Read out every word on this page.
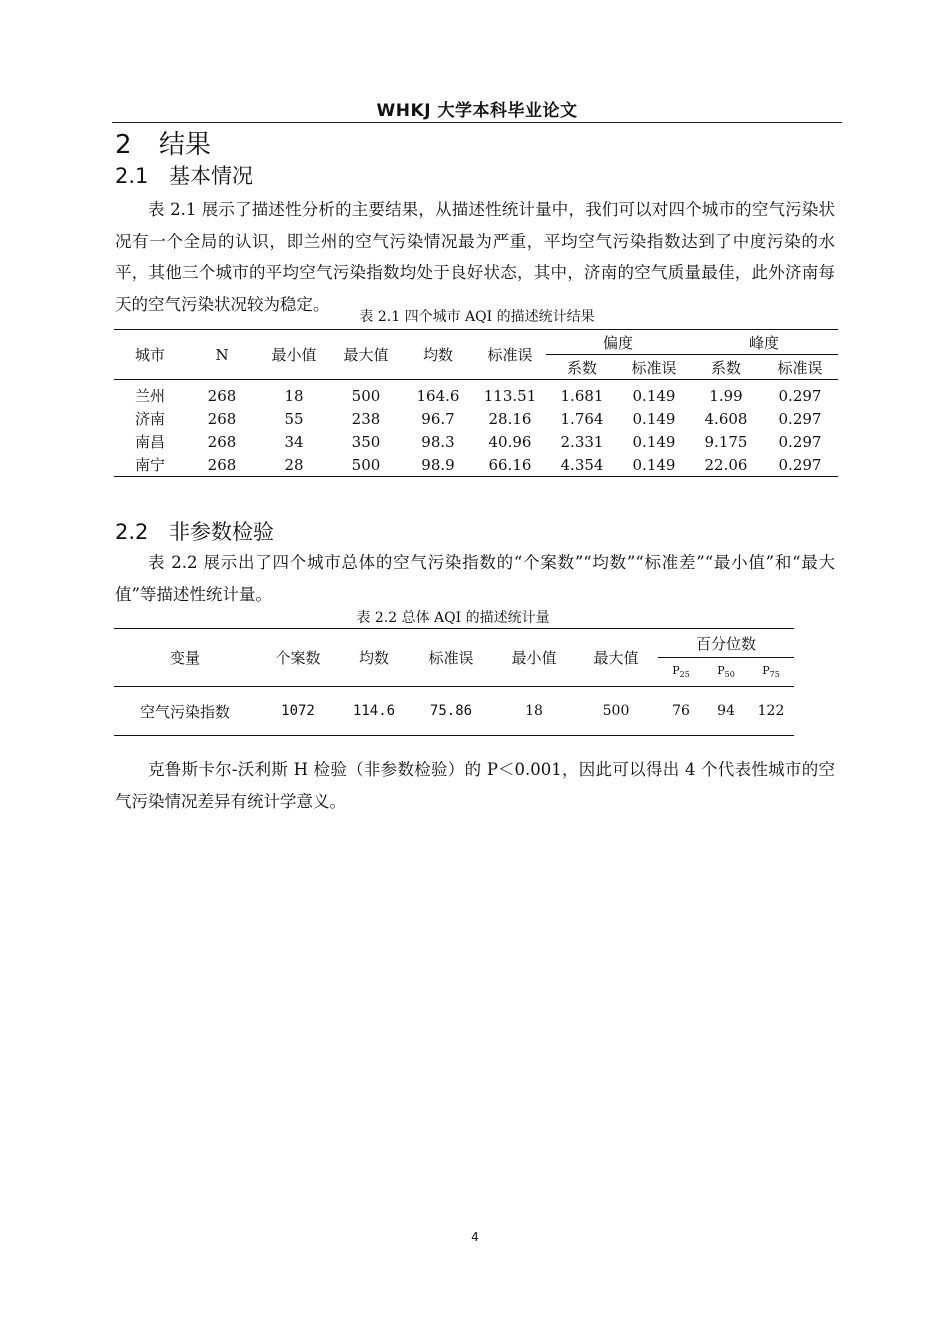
WHKJ 大学本科毕业论文
2 结果
2.1 基本情况
表 2.1 展示了描述性分析的主要结果，从描述性统计量中，我们可以对四个城市的空气污染状况有一个全局的认识，即兰州的空气污染情况最为严重，平均空气污染指数达到了中度污染的水平，其他三个城市的平均空气污染指数均处于良好状态，其中，济南的空气质量最佳，此外济南每天的空气污染状况较为稳定。
表 2.1 四个城市 AQI 的描述统计结果
城市	N	最小值	最大值	均数	标准误	偏度		峰度	
						系数	标准误	系数	标准误
兰州	268	18	500	164.6	113.51	1.681	0.149	1.99	0.297
济南	268	55	238	96.7	28.16	1.764	0.149	4.608	0.297
南昌	268	34	350	98.3	40.96	2.331	0.149	9.175	0.297
南宁	268	28	500	98.9	66.16	4.354	0.149	22.06	0.297
2.2 非参数检验
表 2.2 展示出了四个城市总体的空气污染指数的“个案数”“均数”“标准差”“最小值”和“最大值”等描述性统计量。
表 2.2 总体 AQI 的描述统计量
变量	个案数	均数	标准误	最小值	最大值	百分位数		
						$P_{25}$	$P_{50}$	$P_{75}$
空气污染指数	1072	114.6	75.86	18	500	76	94	122
克鲁斯卡尔-沃利斯 H 检验（非参数检验）的 P＜0.001，因此可以得出 4 个代表性城市的空气污染情况差异有统计学意义。
4
